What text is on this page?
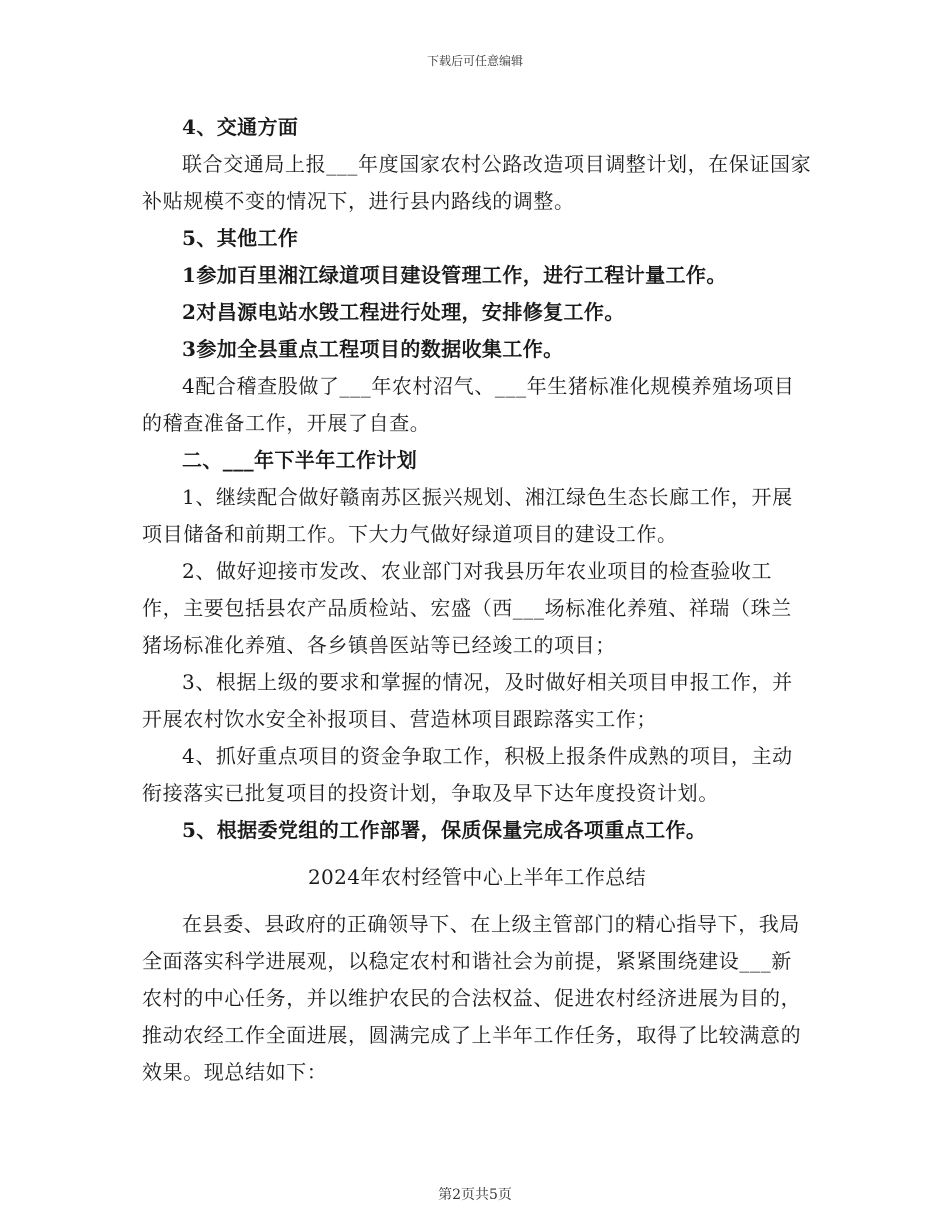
下载后可任意编辑

4、交通方面

联合交通局上报___年度国家农村公路改造项目调整计划，在保证国家补贴规模不变的情况下，进行县内路线的调整。

5、其他工作

1参加百里湘江绿道项目建设管理工作，进行工程计量工作。

2对昌源电站水毁工程进行处理，安排修复工作。

3参加全县重点工程项目的数据收集工作。

4配合稽查股做了___年农村沼气、___年生猪标准化规模养殖场项目的稽查准备工作，开展了自查。

二、___年下半年工作计划

1、继续配合做好赣南苏区振兴规划、湘江绿色生态长廊工作，开展项目储备和前期工作。下大力气做好绿道项目的建设工作。

2、做好迎接市发改、农业部门对我县历年农业项目的检查验收工作，主要包括县农产品质检站、宏盛（西___场标准化养殖、祥瑞（珠兰猪场标准化养殖、各乡镇兽医站等已经竣工的项目；

3、根据上级的要求和掌握的情况，及时做好相关项目申报工作，并开展农村饮水安全补报项目、营造林项目跟踪落实工作；

4、抓好重点项目的资金争取工作，积极上报条件成熟的项目，主动衔接落实已批复项目的投资计划，争取及早下达年度投资计划。

5、根据委党组的工作部署，保质保量完成各项重点工作。

2024年农村经管中心上半年工作总结

在县委、县政府的正确领导下、在上级主管部门的精心指导下，我局全面落实科学进展观，以稳定农村和谐社会为前提，紧紧围绕建设___新农村的中心任务，并以维护农民的合法权益、促进农村经济进展为目的，推动农经工作全面进展，圆满完成了上半年工作任务，取得了比较满意的效果。现总结如下：

第2页共5页
